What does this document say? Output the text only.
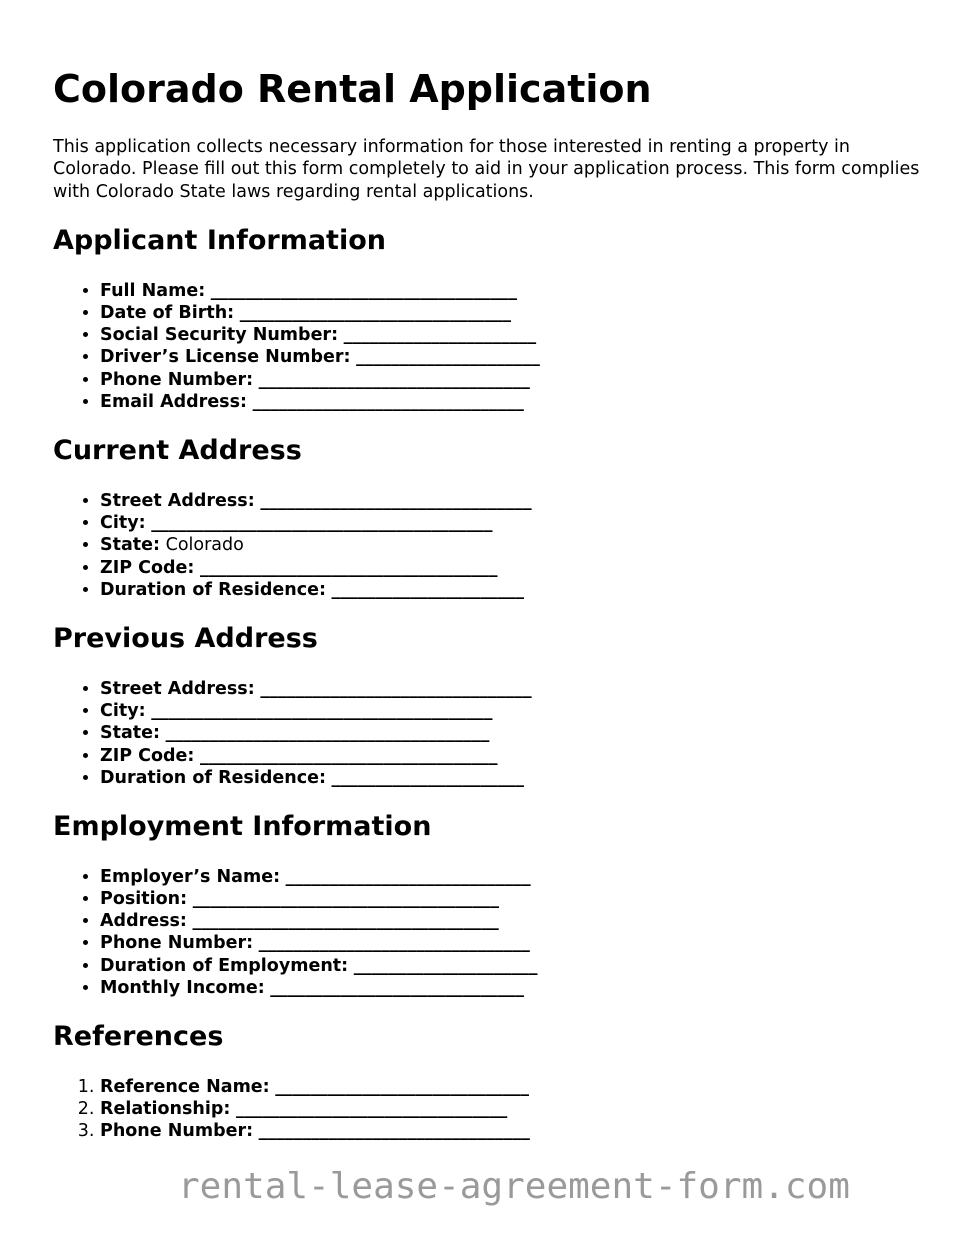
Colorado Rental Application

This application collects necessary information for those interested in renting a property in Colorado. Please fill out this form completely to aid in your application process. This form complies with Colorado State laws regarding rental applications.

Applicant Information
• Full Name: ___________________________________
• Date of Birth: _______________________________
• Social Security Number: ______________________
• Driver’s License Number: _____________________
• Phone Number: _______________________________
• Email Address: _______________________________
Current Address
• Street Address: _______________________________
• City: _______________________________________
• State: Colorado
• ZIP Code: __________________________________
• Duration of Residence: ______________________
Previous Address
• Street Address: _______________________________
• City: _______________________________________
• State: _____________________________________
• ZIP Code: __________________________________
• Duration of Residence: ______________________
Employment Information
• Employer’s Name: ____________________________
• Position: ___________________________________
• Address: ___________________________________
• Phone Number: _______________________________
• Duration of Employment: _____________________
• Monthly Income: _____________________________
References
1. Reference Name: _____________________________
2. Relationship: _______________________________
3. Phone Number: _______________________________
rental-lease-agreement-form.com
